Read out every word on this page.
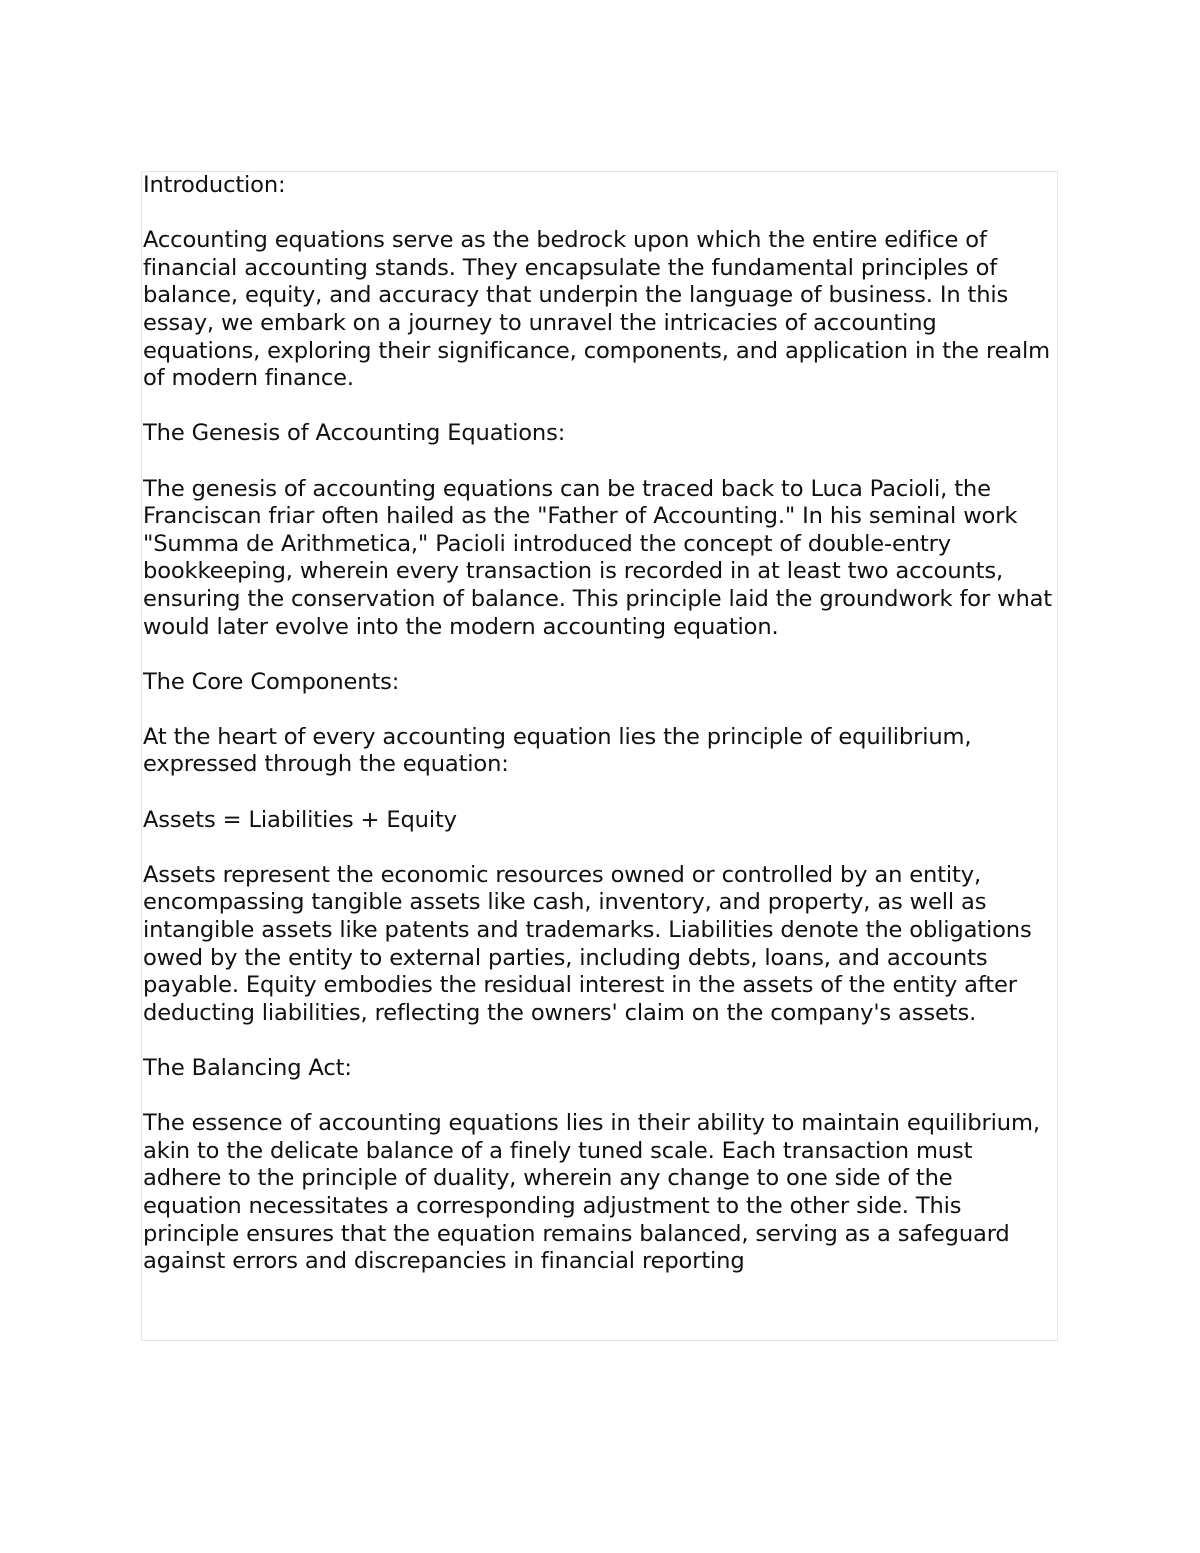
Introduction:
Accounting equations serve as the bedrock upon which the entire edifice of financial accounting stands. They encapsulate the fundamental principles of balance, equity, and accuracy that underpin the language of business. In this essay, we embark on a journey to unravel the intricacies of accounting equations, exploring their significance, components, and application in the realm of modern finance.
The Genesis of Accounting Equations:
The genesis of accounting equations can be traced back to Luca Pacioli, the Franciscan friar often hailed as the "Father of Accounting." In his seminal work "Summa de Arithmetica," Pacioli introduced the concept of double-entry bookkeeping, wherein every transaction is recorded in at least two accounts, ensuring the conservation of balance. This principle laid the groundwork for what would later evolve into the modern accounting equation.
The Core Components:
At the heart of every accounting equation lies the principle of equilibrium, expressed through the equation:
Assets = Liabilities + Equity
Assets represent the economic resources owned or controlled by an entity, encompassing tangible assets like cash, inventory, and property, as well as intangible assets like patents and trademarks. Liabilities denote the obligations owed by the entity to external parties, including debts, loans, and accounts payable. Equity embodies the residual interest in the assets of the entity after deducting liabilities, reflecting the owners' claim on the company's assets.
The Balancing Act:
The essence of accounting equations lies in their ability to maintain equilibrium, akin to the delicate balance of a finely tuned scale. Each transaction must adhere to the principle of duality, wherein any change to one side of the equation necessitates a corresponding adjustment to the other side. This principle ensures that the equation remains balanced, serving as a safeguard against errors and discrepancies in financial reporting
